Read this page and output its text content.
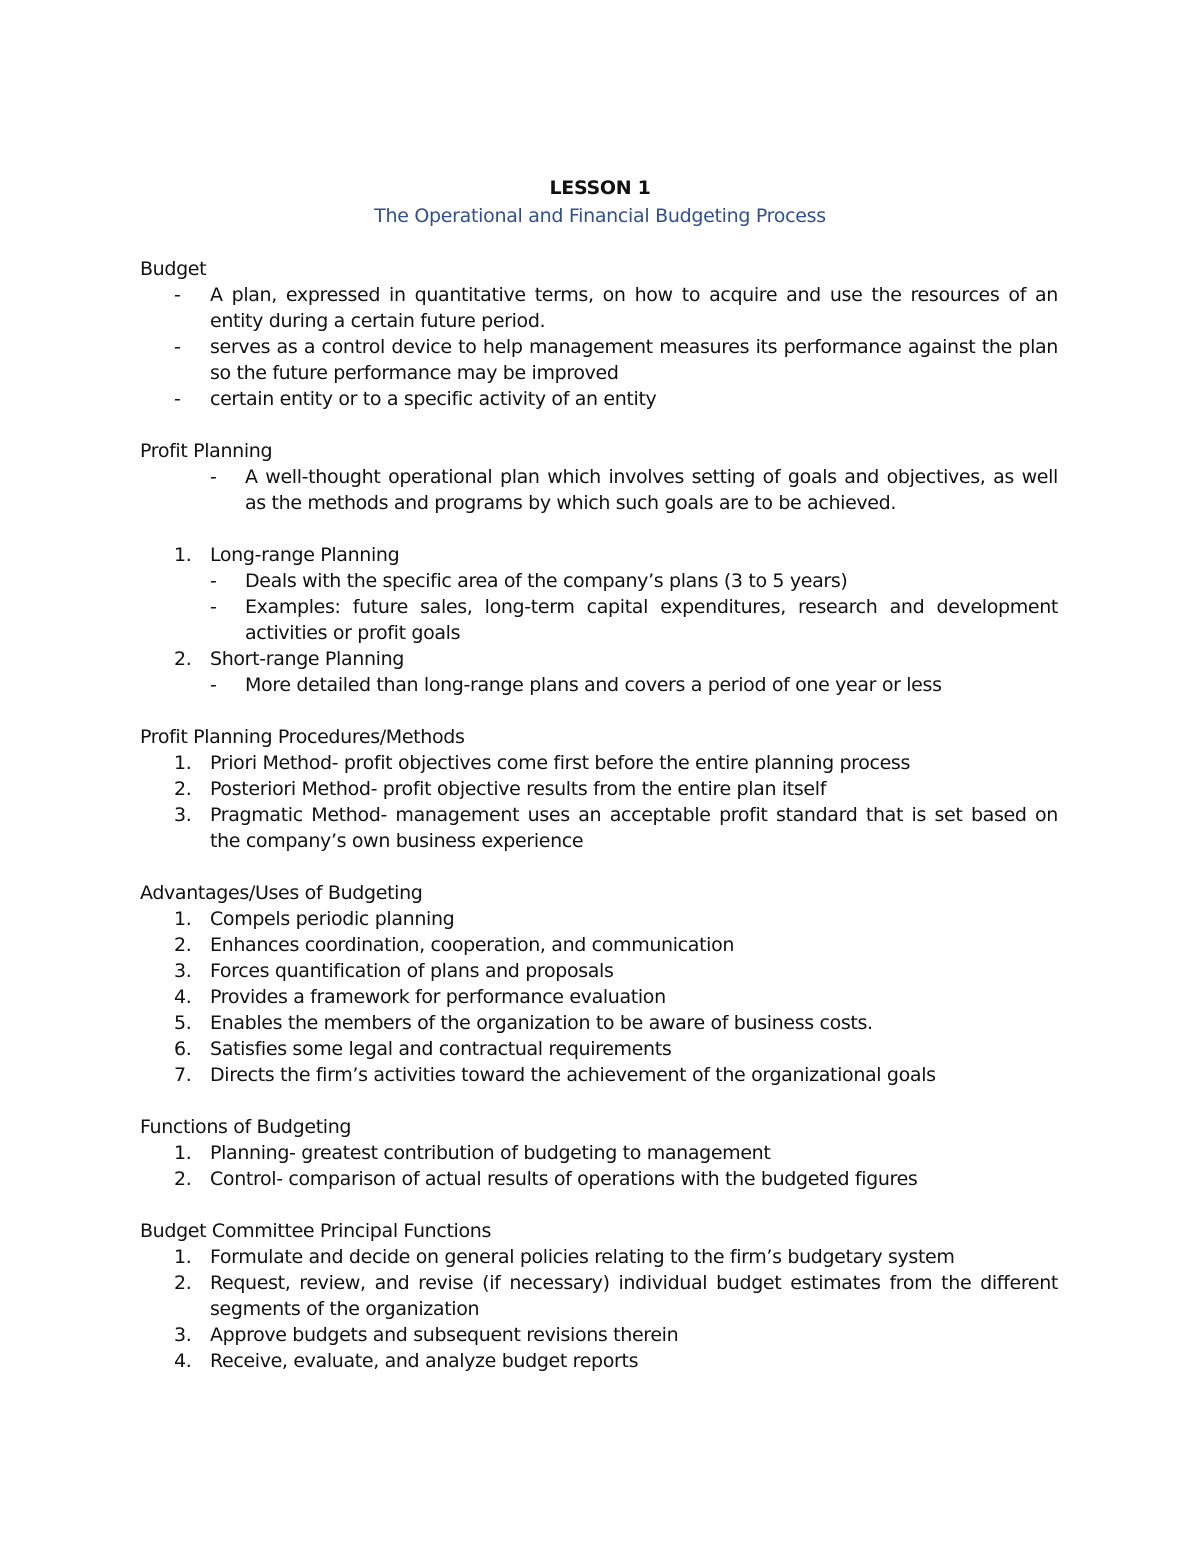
LESSON 1
The Operational and Financial Budgeting Process
Budget
- A plan, expressed in quantitative terms, on how to acquire and use the resources of an entity during a certain future period.
- serves as a control device to help management measures its performance against the plan so the future performance may be improved
- certain entity or to a specific activity of an entity
Profit Planning
- A well-thought operational plan which involves setting of goals and objectives, as well as the methods and programs by which such goals are to be achieved.
1. Long-range Planning
- Deals with the specific area of the company’s plans (3 to 5 years)
- Examples: future sales, long-term capital expenditures, research and development activities or profit goals
2. Short-range Planning
- More detailed than long-range plans and covers a period of one year or less
Profit Planning Procedures/Methods
1. Priori Method- profit objectives come first before the entire planning process
2. Posteriori Method- profit objective results from the entire plan itself
3. Pragmatic Method- management uses an acceptable profit standard that is set based on the company’s own business experience
Advantages/Uses of Budgeting
1. Compels periodic planning
2. Enhances coordination, cooperation, and communication
3. Forces quantification of plans and proposals
4. Provides a framework for performance evaluation
5. Enables the members of the organization to be aware of business costs.
6. Satisfies some legal and contractual requirements
7. Directs the firm’s activities toward the achievement of the organizational goals
Functions of Budgeting
1. Planning- greatest contribution of budgeting to management
2. Control- comparison of actual results of operations with the budgeted figures
Budget Committee Principal Functions
1. Formulate and decide on general policies relating to the firm’s budgetary system
2. Request, review, and revise (if necessary) individual budget estimates from the different segments of the organization
3. Approve budgets and subsequent revisions therein
4. Receive, evaluate, and analyze budget reports
